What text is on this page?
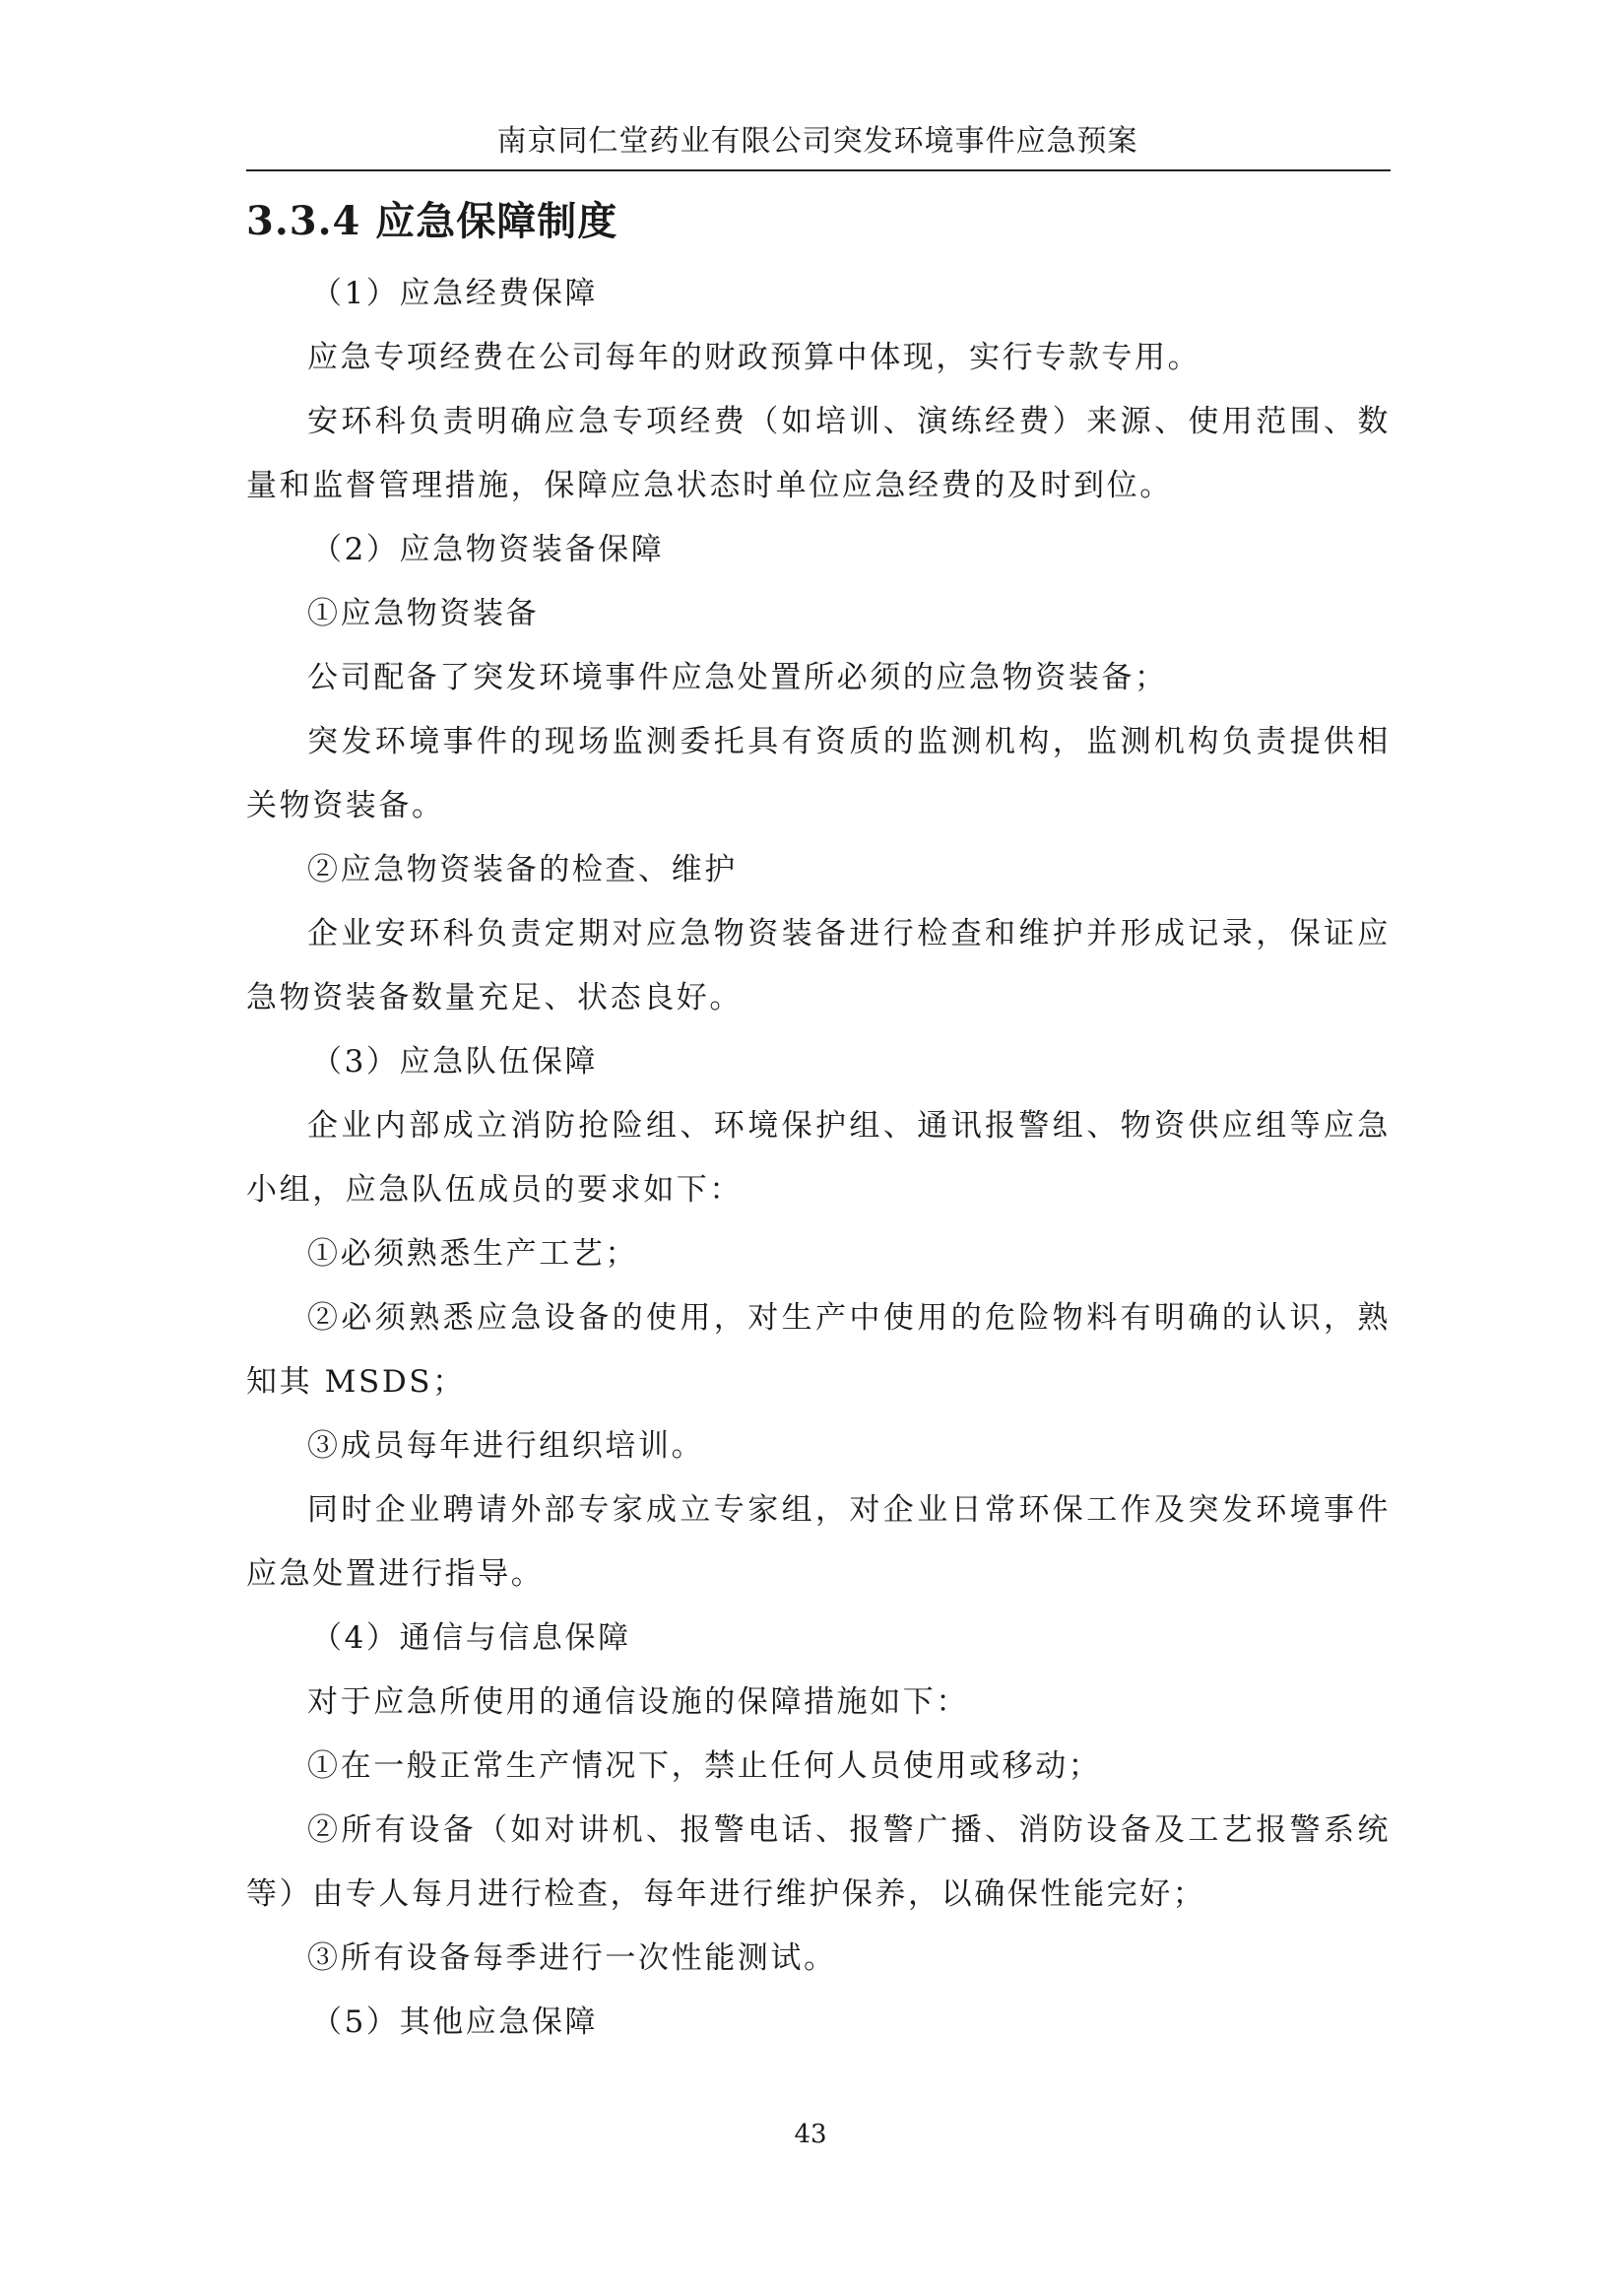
南京同仁堂药业有限公司突发环境事件应急预案
3.3.4 应急保障制度

（1）应急经费保障

应急专项经费在公司每年的财政预算中体现，实行专款专用。

安环科负责明确应急专项经费（如培训、演练经费）来源、使用范围、数量和监督管理措施，保障应急状态时单位应急经费的及时到位。

（2）应急物资装备保障

①应急物资装备

公司配备了突发环境事件应急处置所必须的应急物资装备；

突发环境事件的现场监测委托具有资质的监测机构，监测机构负责提供相关物资装备。

②应急物资装备的检查、维护

企业安环科负责定期对应急物资装备进行检查和维护并形成记录，保证应急物资装备数量充足、状态良好。

（3）应急队伍保障

企业内部成立消防抢险组、环境保护组、通讯报警组、物资供应组等应急小组，应急队伍成员的要求如下：

①必须熟悉生产工艺；

②必须熟悉应急设备的使用，对生产中使用的危险物料有明确的认识，熟知其 MSDS；

③成员每年进行组织培训。

同时企业聘请外部专家成立专家组，对企业日常环保工作及突发环境事件应急处置进行指导。

（4）通信与信息保障

对于应急所使用的通信设施的保障措施如下：

①在一般正常生产情况下，禁止任何人员使用或移动；

②所有设备（如对讲机、报警电话、报警广播、消防设备及工艺报警系统等）由专人每月进行检查，每年进行维护保养，以确保性能完好；

③所有设备每季进行一次性能测试。

（5）其他应急保障

43
